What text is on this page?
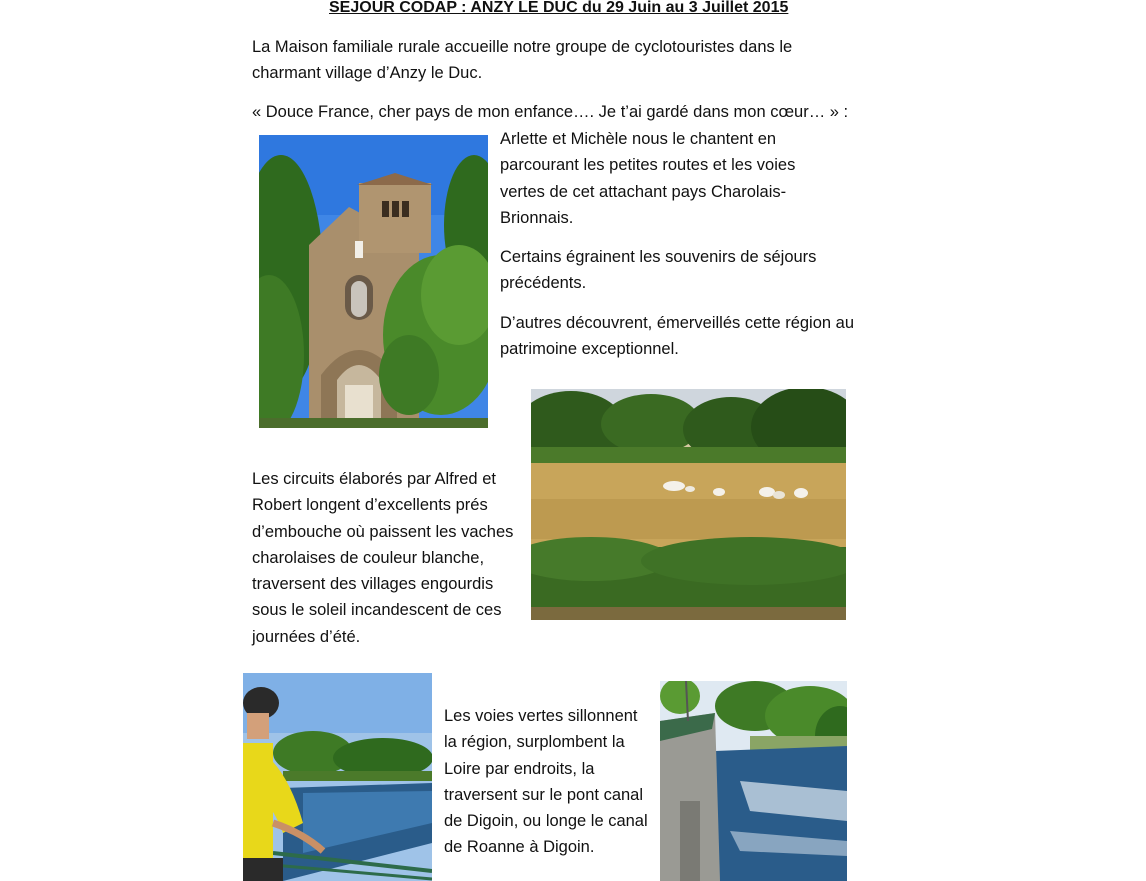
SEJOUR CODAP : ANZY LE DUC du 29 Juin au 3 Juillet 2015

La Maison familiale rurale accueille notre groupe de cyclotouristes dans le charmant village d’Anzy le Duc.

« Douce France, cher pays de mon enfance…. Je t’ai gardé dans mon cœur… » :

Arlette et Michèle nous le chantent en parcourant les petites routes et les voies vertes de cet attachant pays Charolais-Brionnais.

Certains égrainent les souvenirs de séjours précédents.

D’autres découvrent, émerveillés cette région au patrimoine exceptionnel.

Les circuits élaborés par Alfred et Robert longent d’excellents prés d’embouche où paissent les vaches charolaises de couleur blanche, traversent des villages engourdis sous le soleil incandescent de ces journées d’été.

Les voies vertes sillonnent la région, surplombent la Loire par endroits, la traversent sur le pont canal de Digoin, ou longe le canal de Roanne à Digoin.
